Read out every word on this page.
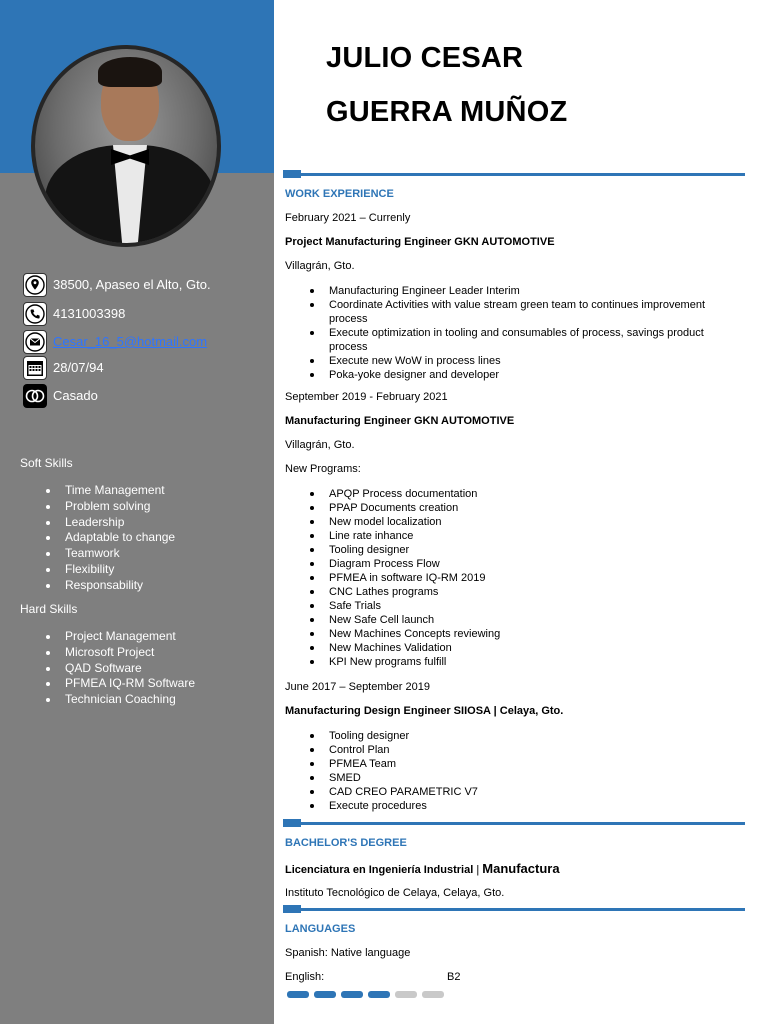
38500, Apaseo el Alto, Gto.
4131003398
Cesar_16_5@hotmail.com
28/07/94
Casado
Soft Skills
Time Management
Problem solving
Leadership
Adaptable to change
Teamwork
Flexibility
Responsability
Hard Skills
Project Management
Microsoft Project
QAD Software
PFMEA IQ-RM Software
Technician Coaching
JULIO CESAR
GUERRA MUÑOZ
WORK EXPERIENCE
February 2021 – Currenly
Project Manufacturing Engineer GKN AUTOMOTIVE
Villagrán, Gto.
Manufacturing Engineer Leader Interim
Coordinate Activities with value stream green team to continues improvement process
Execute optimization in tooling and consumables of process, savings product process
Execute new WoW in process lines
Poka-yoke designer and developer
September 2019 - February 2021
Manufacturing Engineer GKN AUTOMOTIVE
Villagrán, Gto.
New Programs:
APQP Process documentation
PPAP Documents creation
New model localization
Line rate inhance
Tooling designer
Diagram Process Flow
PFMEA in software IQ-RM 2019
CNC Lathes programs
Safe Trials
New Safe Cell launch
New Machines Concepts reviewing
New Machines Validation
KPI New programs fulfill
June 2017 – September 2019
Manufacturing Design Engineer SIIOSA | Celaya, Gto.
Tooling designer
Control Plan
PFMEA Team
SMED
CAD CREO PARAMETRIC V7
Execute procedures
BACHELOR'S DEGREE
Licenciatura en Ingeniería Industrial | Manufactura
Instituto Tecnológico de Celaya, Celaya, Gto.
LANGUAGES
Spanish: Native language
English:	B2
